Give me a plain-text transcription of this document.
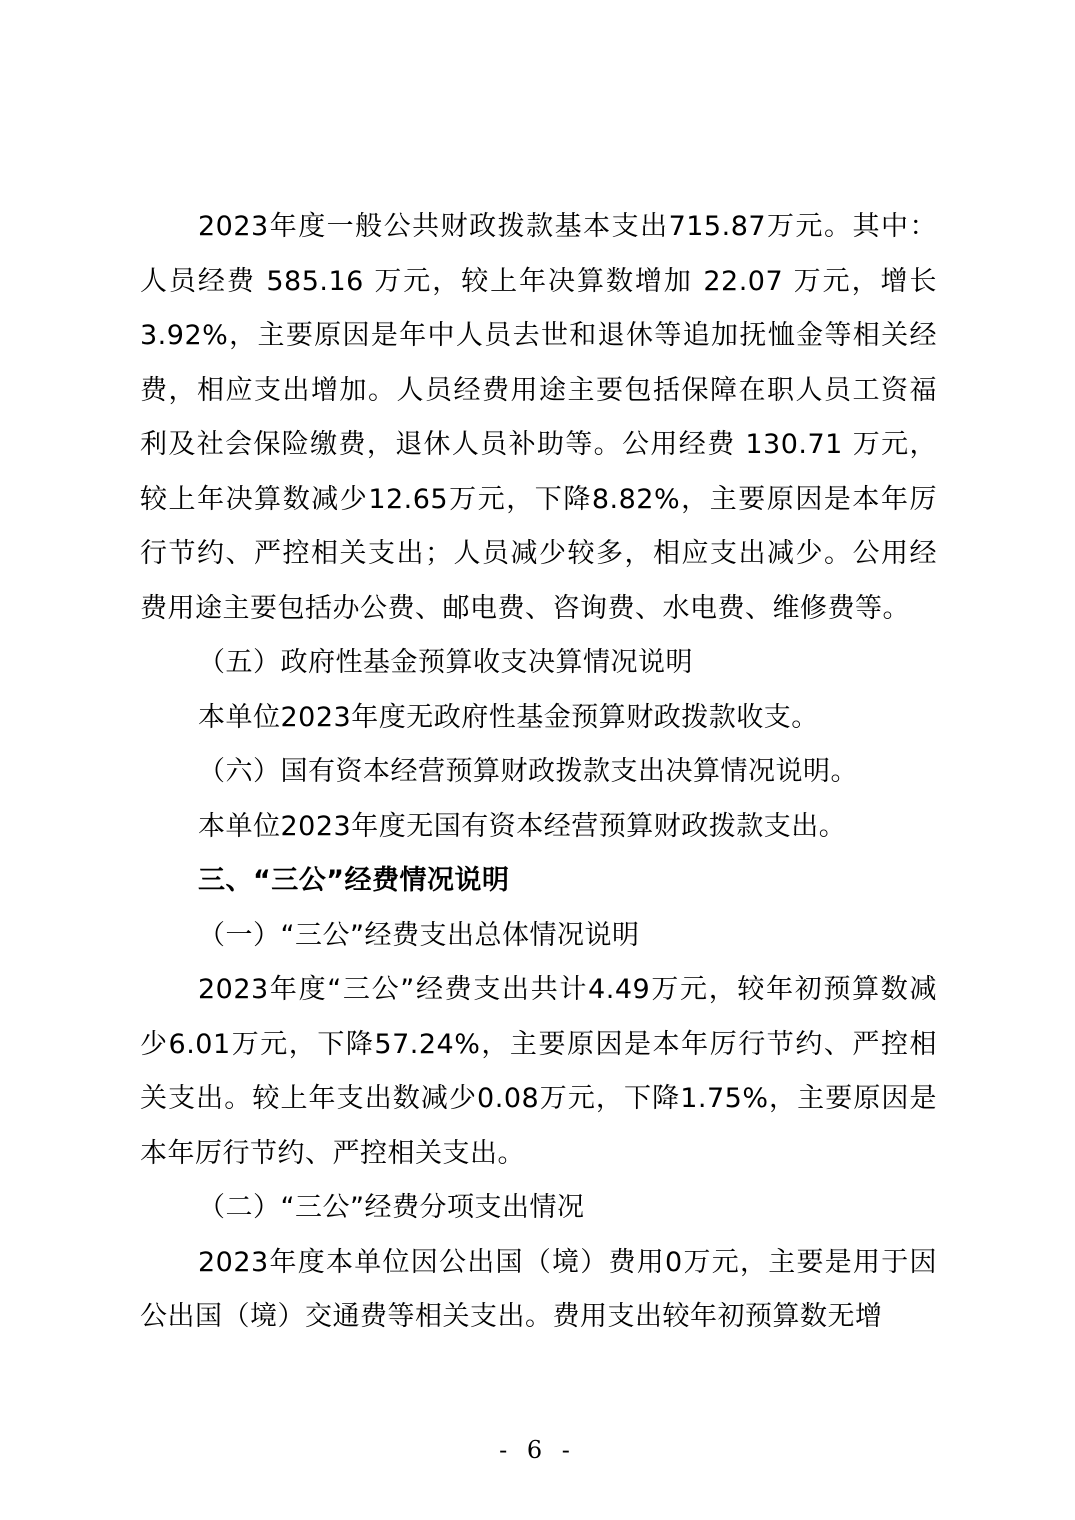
2023年度一般公共财政拨款基本支出715.87万元。其中：人员经费 585.16 万元，较上年决算数增加 22.07 万元，增长3.92%，主要原因是年中人员去世和退休等追加抚恤金等相关经费，相应支出增加。人员经费用途主要包括保障在职人员工资福利及社会保险缴费，退休人员补助等。公用经费 130.71 万元，较上年决算数减少12.65万元，下降8.82%，主要原因是本年厉行节约、严控相关支出；人员减少较多，相应支出减少。公用经费用途主要包括办公费、邮电费、咨询费、水电费、维修费等。

（五）政府性基金预算收支决算情况说明

本单位2023年度无政府性基金预算财政拨款收支。

（六）国有资本经营预算财政拨款支出决算情况说明。

本单位2023年度无国有资本经营预算财政拨款支出。

三、“三公”经费情况说明

（一）“三公”经费支出总体情况说明

2023年度“三公”经费支出共计4.49万元，较年初预算数减少6.01万元，下降57.24%，主要原因是本年厉行节约、严控相关支出。较上年支出数减少0.08万元，下降1.75%，主要原因是本年厉行节约、严控相关支出。

（二）“三公”经费分项支出情况

2023年度本单位因公出国（境）费用0万元，主要是用于因公出国（境）交通费等相关支出。费用支出较年初预算数无增

- 6 -
